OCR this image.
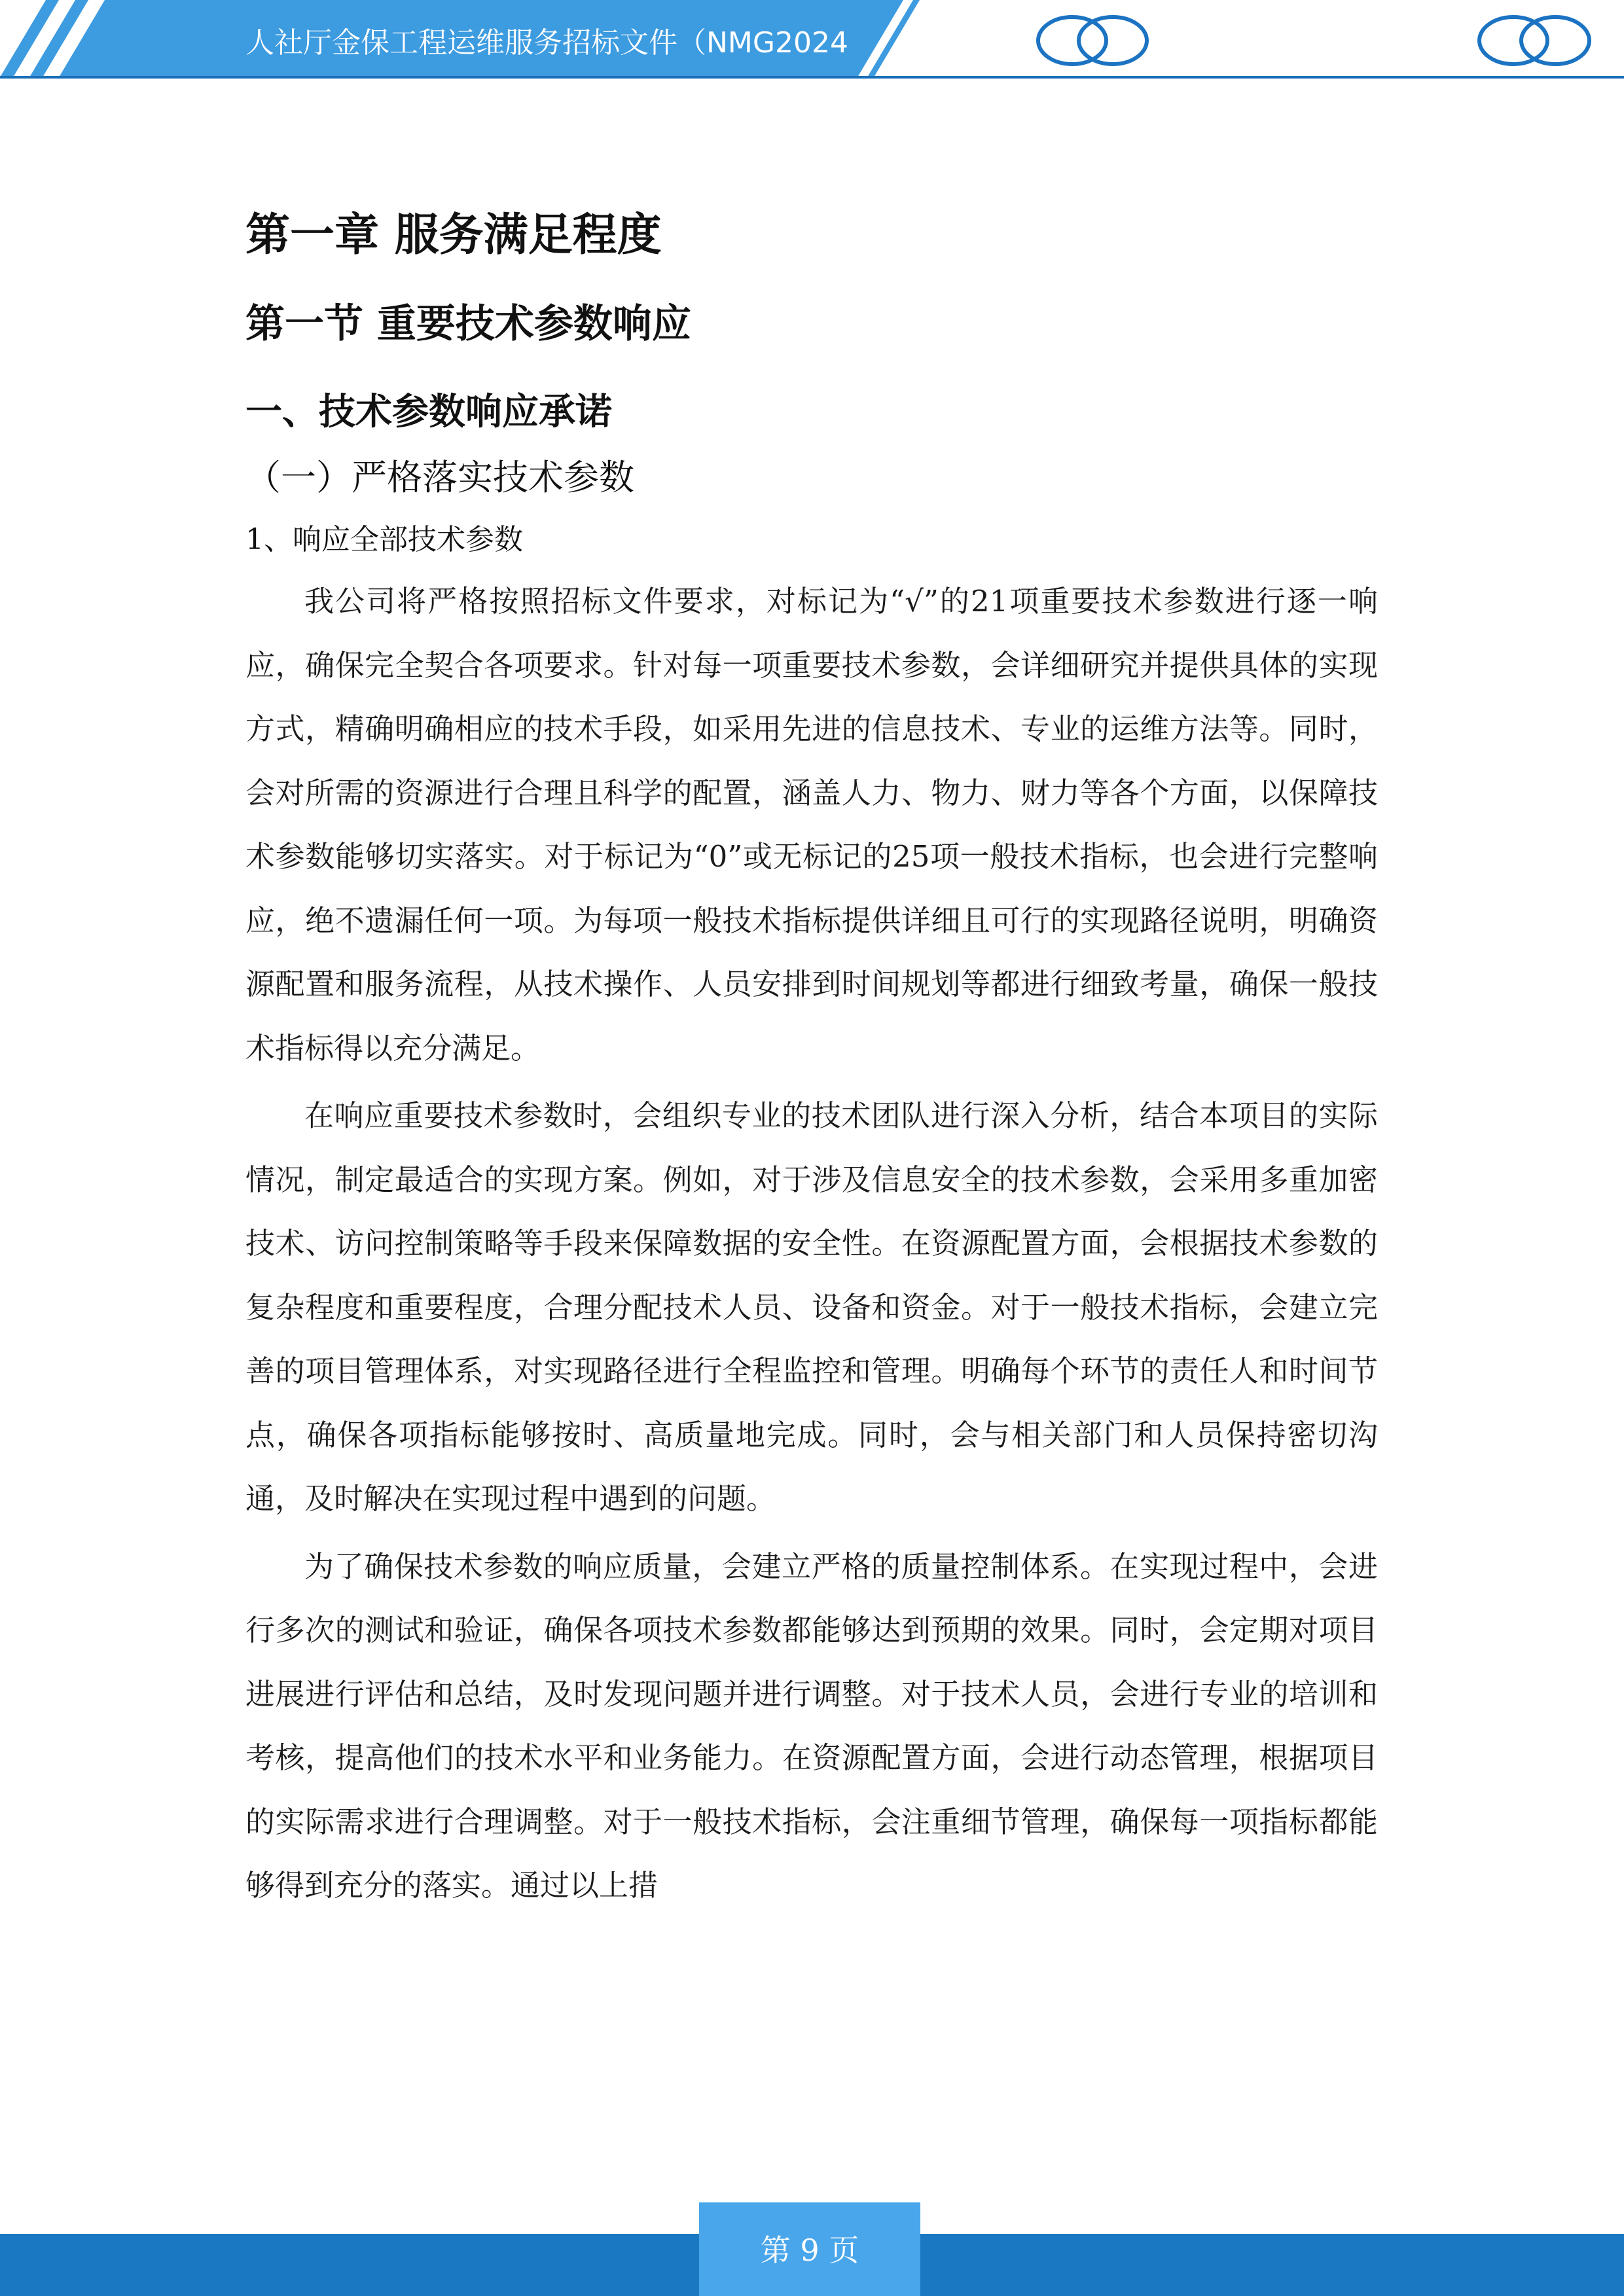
人社厅金保工程运维服务招标文件（NMG2024
第一章 服务满足程度
第一节 重要技术参数响应
一、技术参数响应承诺
（一）严格落实技术参数
1、响应全部技术参数

我公司将严格按照招标文件要求，对标记为“√”的21项重要技术参数进行逐一响应，确保完全契合各项要求。针对每一项重要技术参数，会详细研究并提供具体的实现方式，精确明确相应的技术手段，如采用先进的信息技术、专业的运维方法等。同时，会对所需的资源进行合理且科学的配置，涵盖人力、物力、财力等各个方面，以保障技术参数能够切实落实。对于标记为“0”或无标记的25项一般技术指标，也会进行完整响应，绝不遗漏任何一项。为每项一般技术指标提供详细且可行的实现路径说明，明确资源配置和服务流程，从技术操作、人员安排到时间规划等都进行细致考量，确保一般技术指标得以充分满足。

在响应重要技术参数时，会组织专业的技术团队进行深入分析，结合本项目的实际情况，制定最适合的实现方案。例如，对于涉及信息安全的技术参数，会采用多重加密技术、访问控制策略等手段来保障数据的安全性。在资源配置方面，会根据技术参数的复杂程度和重要程度，合理分配技术人员、设备和资金。对于一般技术指标，会建立完善的项目管理体系，对实现路径进行全程监控和管理。明确每个环节的责任人和时间节点，确保各项指标能够按时、高质量地完成。同时，会与相关部门和人员保持密切沟通，及时解决在实现过程中遇到的问题。

为了确保技术参数的响应质量，会建立严格的质量控制体系。在实现过程中，会进行多次的测试和验证，确保各项技术参数都能够达到预期的效果。同时，会定期对项目进展进行评估和总结，及时发现问题并进行调整。对于技术人员，会进行专业的培训和考核，提高他们的技术水平和业务能力。在资源配置方面，会进行动态管理，根据项目的实际需求进行合理调整。对于一般技术指标，会注重细节管理，确保每一项指标都能够得到充分的落实。通过以上措

第 9 页
